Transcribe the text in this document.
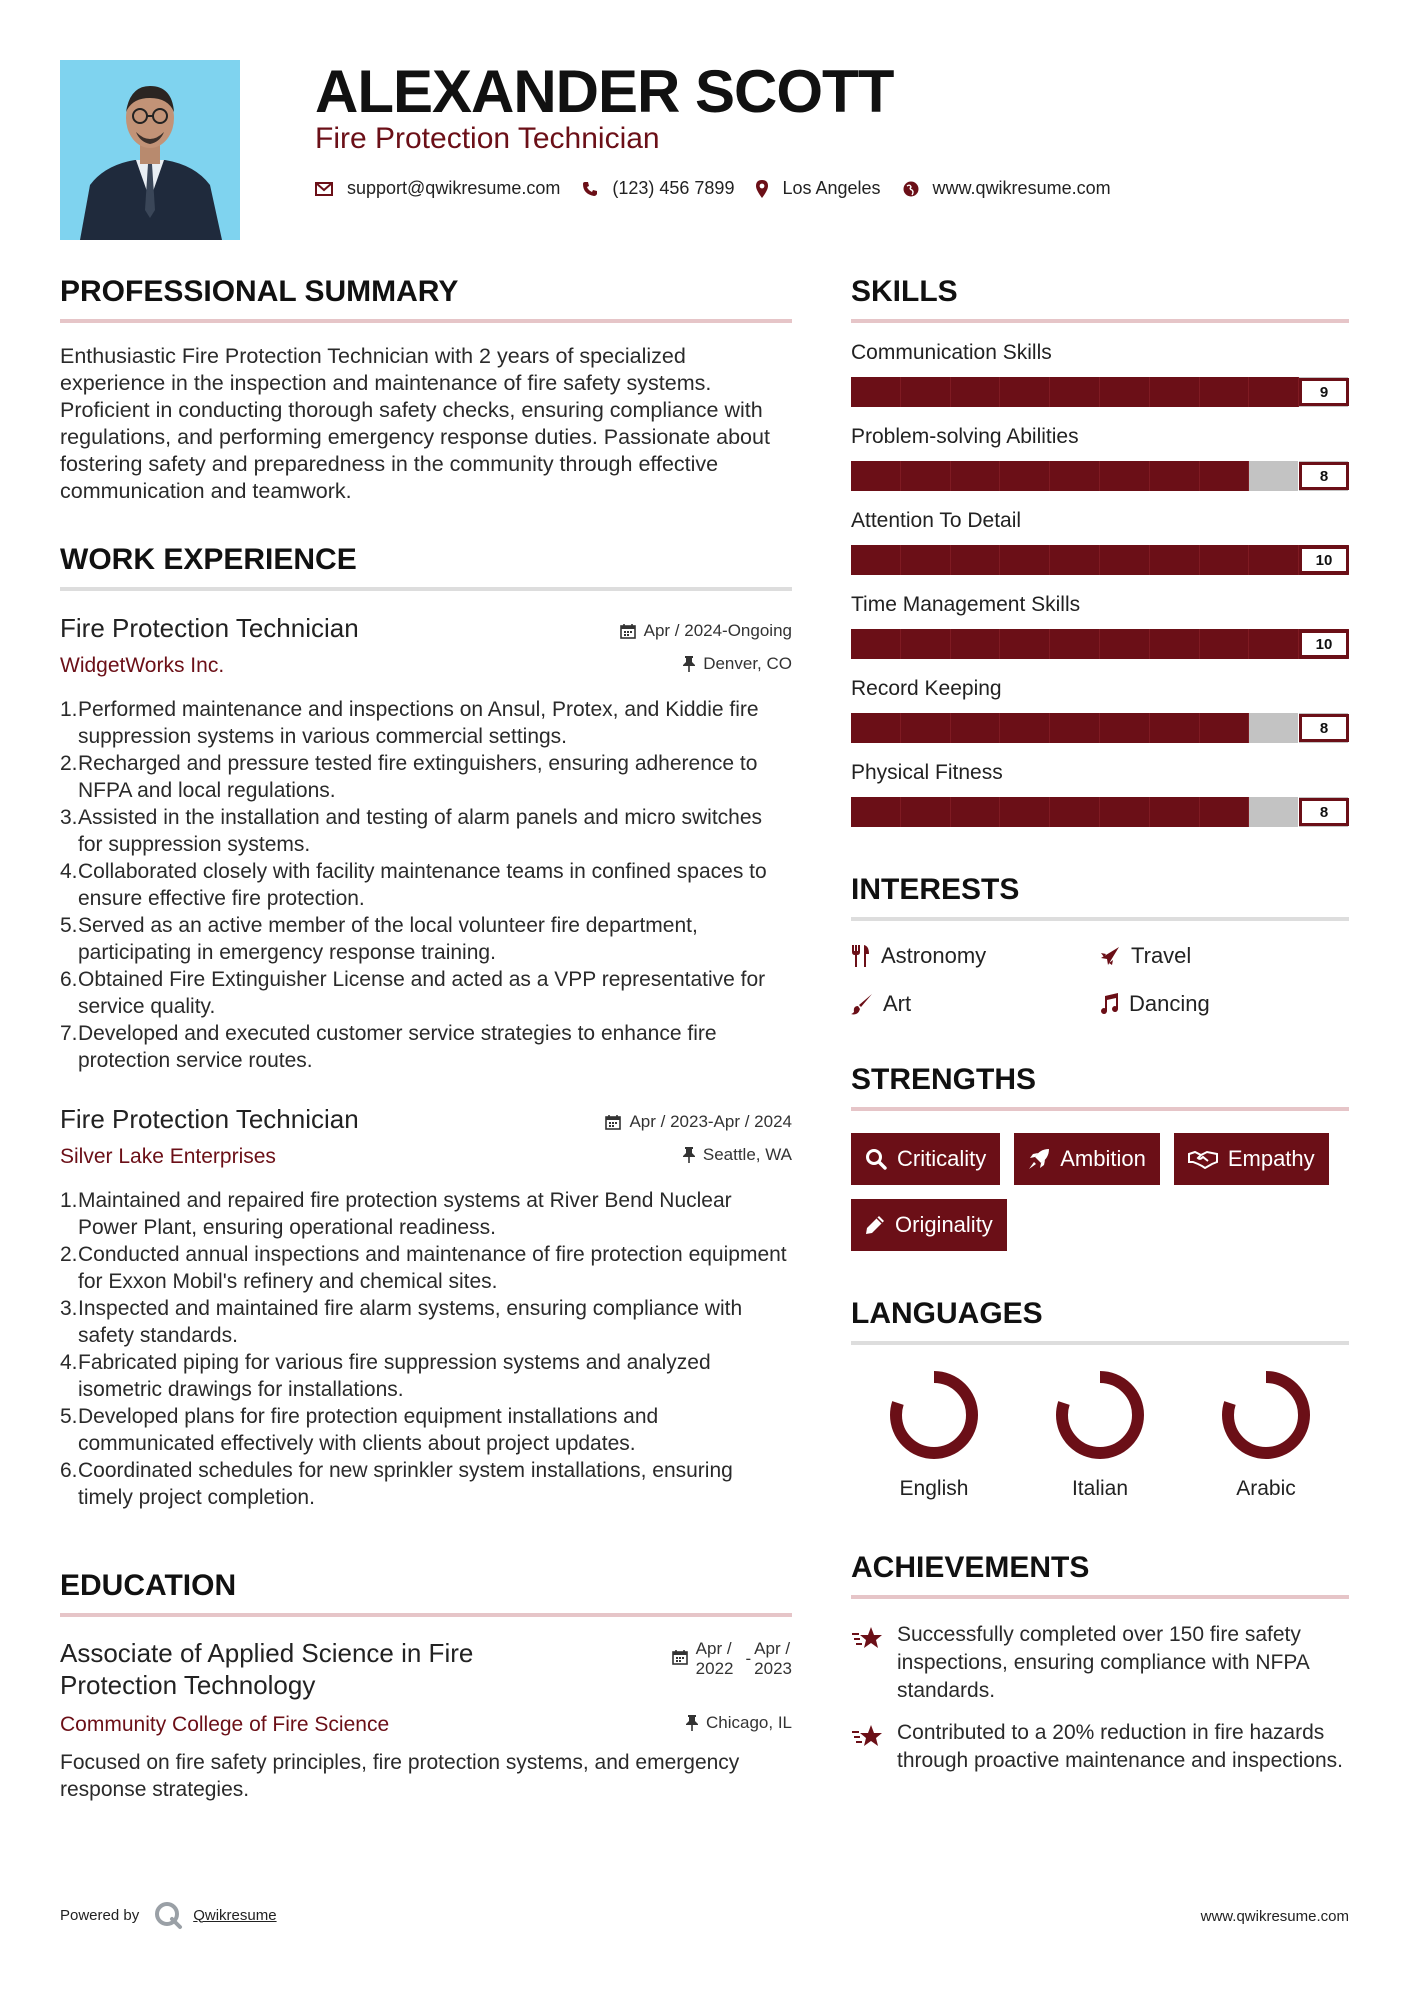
ALEXANDER SCOTT
Fire Protection Technician
support@qwikresume.com	(123) 456 7899	Los Angeles	www.qwikresume.com
PROFESSIONAL SUMMARY

Enthusiastic Fire Protection Technician with 2 years of specialized experience in the inspection and maintenance of fire safety systems. Proficient in conducting thorough safety checks, ensuring compliance with regulations, and performing emergency response duties. Passionate about fostering safety and preparedness in the community through effective communication and teamwork.

WORK EXPERIENCE
Fire Protection Technician
WidgetWorks Inc.
Apr / 2024-Ongoing
Denver, CO
1. Performed maintenance and inspections on Ansul, Protex, and Kiddie fire suppression systems in various commercial settings.
2. Recharged and pressure tested fire extinguishers, ensuring adherence to NFPA and local regulations.
3. Assisted in the installation and testing of alarm panels and micro switches for suppression systems.
4. Collaborated closely with facility maintenance teams in confined spaces to ensure effective fire protection.
5. Served as an active member of the local volunteer fire department, participating in emergency response training.
6. Obtained Fire Extinguisher License and acted as a VPP representative for service quality.
7. Developed and executed customer service strategies to enhance fire protection service routes.
Fire Protection Technician
Silver Lake Enterprises
Apr / 2023-Apr / 2024
Seattle, WA
1. Maintained and repaired fire protection systems at River Bend Nuclear Power Plant, ensuring operational readiness.
2. Conducted annual inspections and maintenance of fire protection equipment for Exxon Mobil's refinery and chemical sites.
3. Inspected and maintained fire alarm systems, ensuring compliance with safety standards.
4. Fabricated piping for various fire suppression systems and analyzed isometric drawings for installations.
5. Developed plans for fire protection equipment installations and communicated effectively with clients about project updates.
6. Coordinated schedules for new sprinkler system installations, ensuring timely project completion.
EDUCATION
Associate of Applied Science in Fire Protection Technology
Apr /
2022
-
Apr /
2023
Community College of Fire Science	Chicago, IL

Focused on fire safety principles, fire protection systems, and emergency response strategies.

SKILLS
Communication Skills
9
Problem-solving Abilities
8
Attention To Detail
10
Time Management Skills
10
Record Keeping
8
Physical Fitness
8
INTERESTS
Astronomy	Travel
Art	Dancing
STRENGTHS
Criticality	Ambition	Empathy
Originality
LANGUAGES
English	Italian	Arabic
ACHIEVEMENTS
Successfully completed over 150 fire safety inspections, ensuring compliance with NFPA standards.
Contributed to a 20% reduction in fire hazards through proactive maintenance and inspections.
Powered by	Qwikresume	www.qwikresume.com
